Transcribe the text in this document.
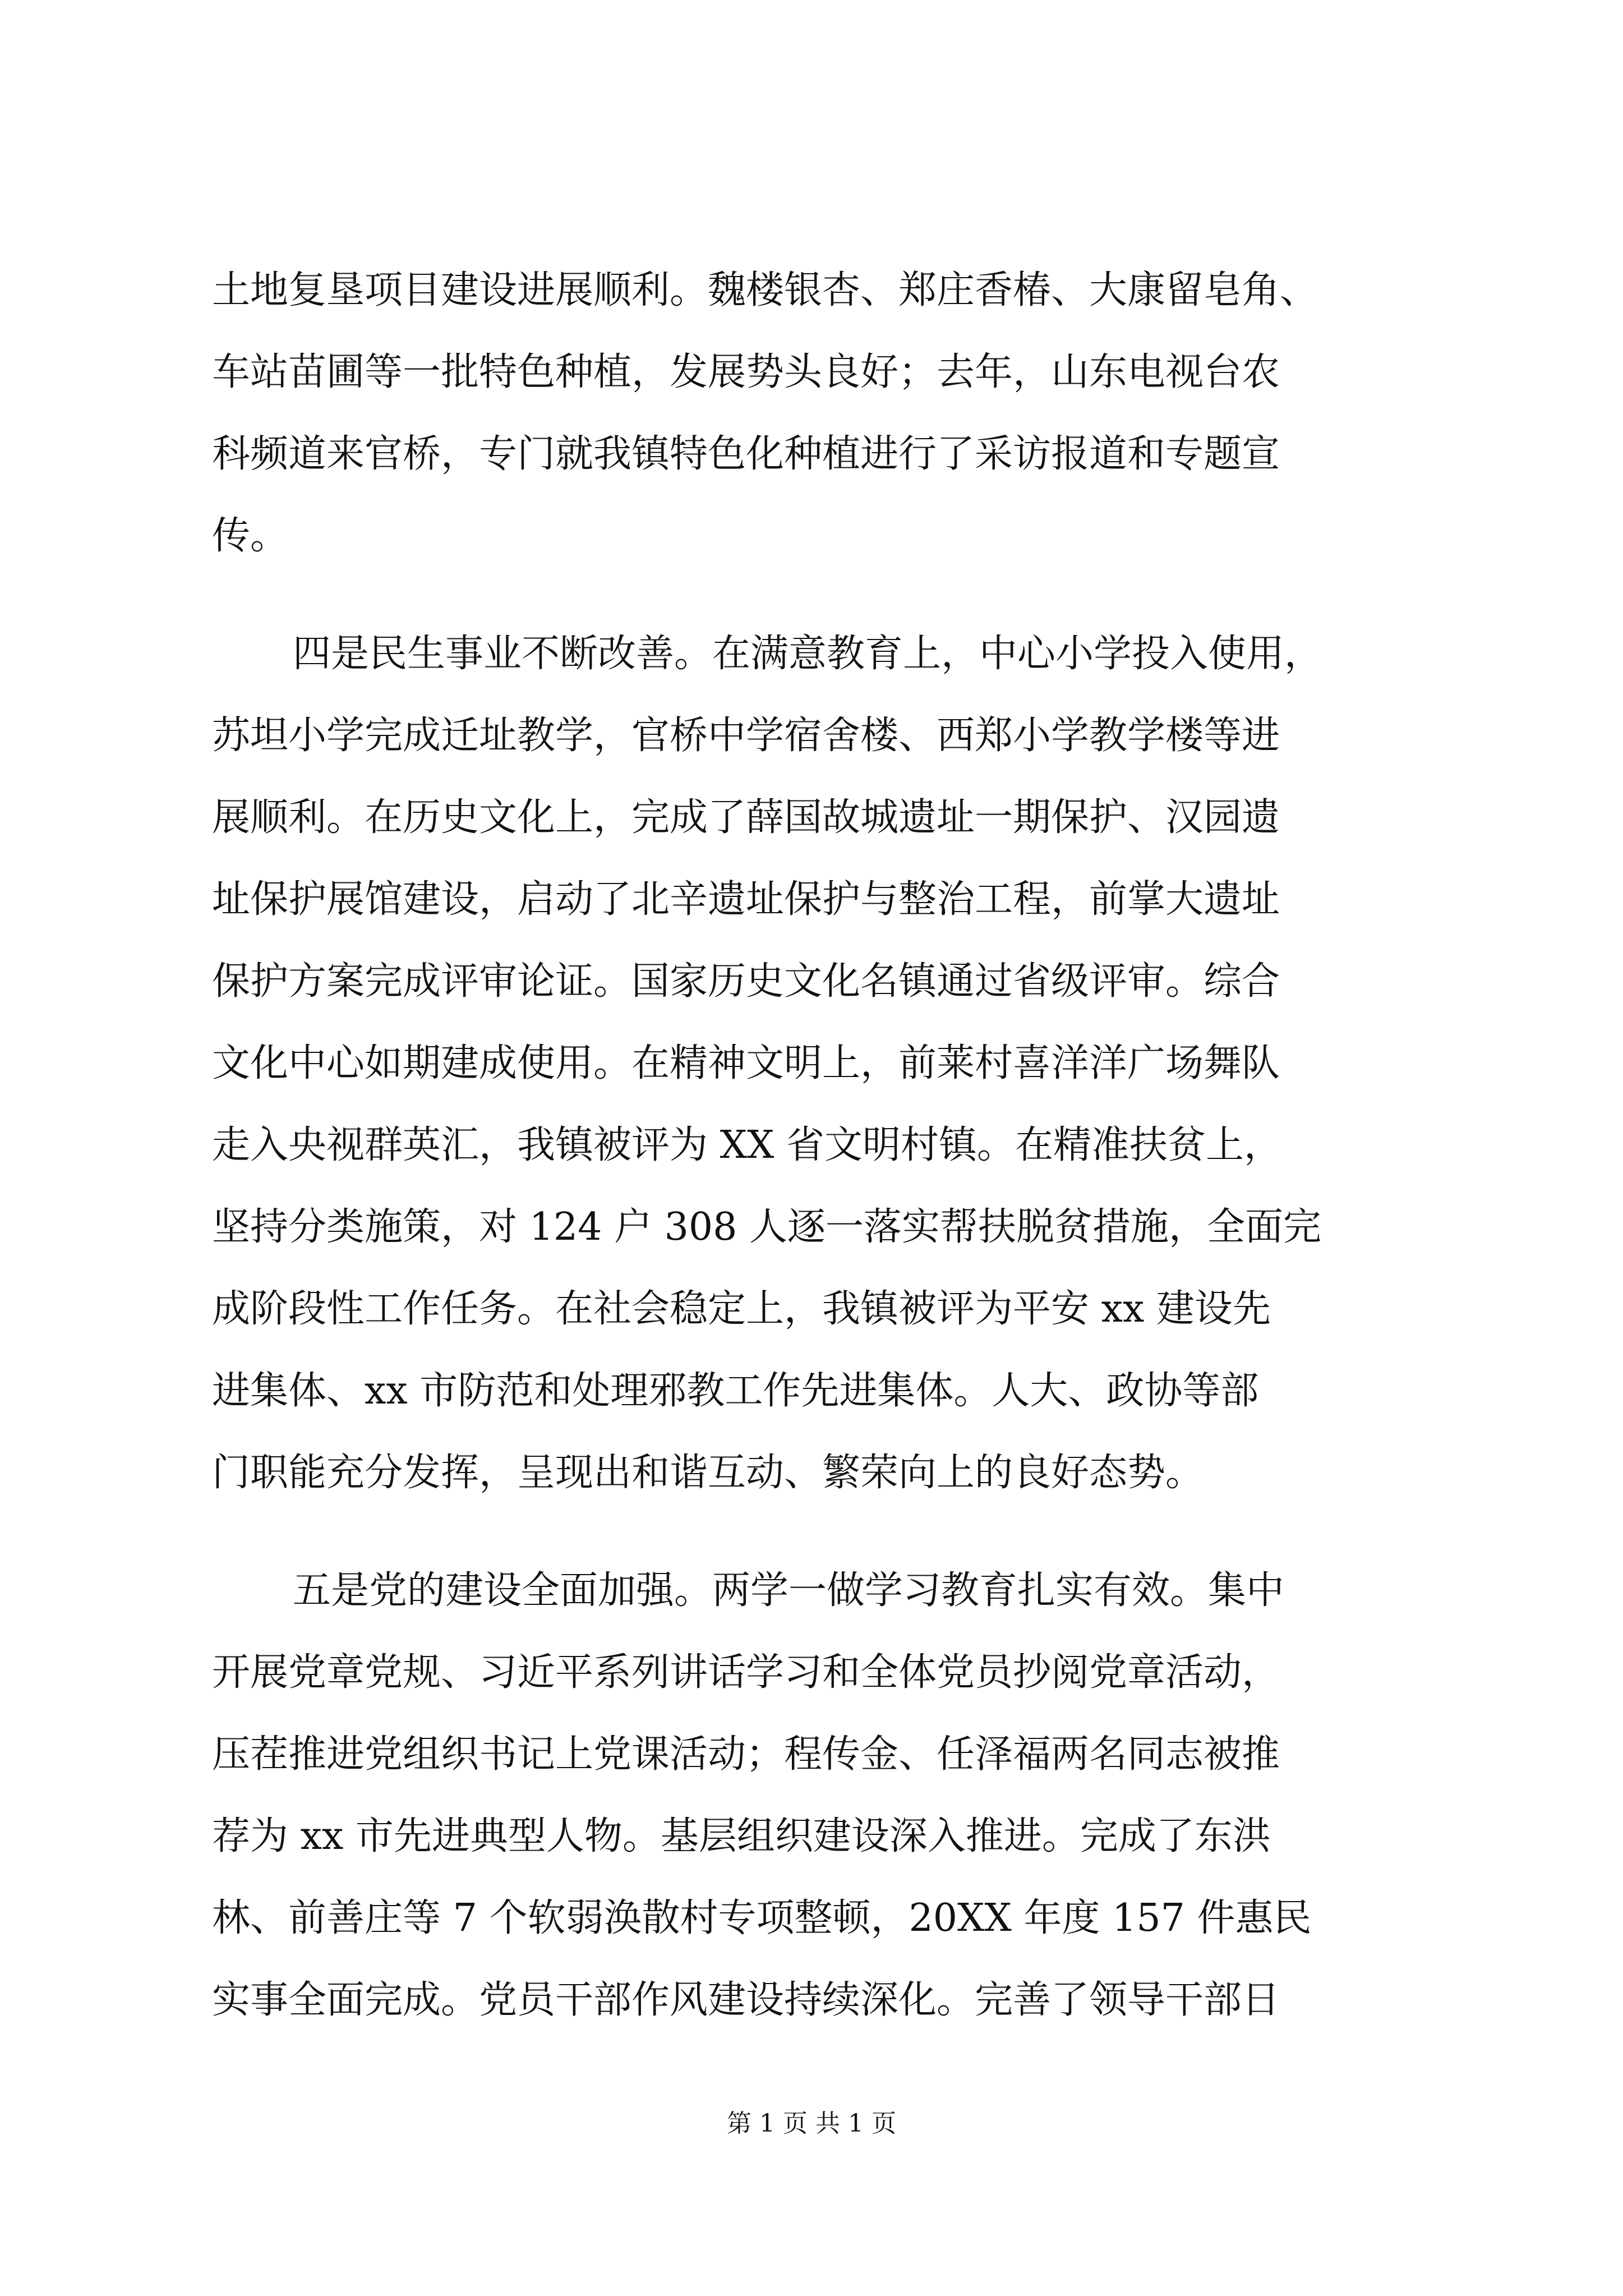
土地复垦项目建设进展顺利。魏楼银杏、郑庄香椿、大康留皂角、

车站苗圃等一批特色种植，发展势头良好；去年，山东电视台农

科频道来官桥，专门就我镇特色化种植进行了采访报道和专题宣

传。

四是民生事业不断改善。在满意教育上，中心小学投入使用，

苏坦小学完成迁址教学，官桥中学宿舍楼、西郑小学教学楼等进

展顺利。在历史文化上，完成了薛国故城遗址一期保护、汉园遗

址保护展馆建设，启动了北辛遗址保护与整治工程，前掌大遗址

保护方案完成评审论证。国家历史文化名镇通过省级评审。综合

文化中心如期建成使用。在精神文明上，前莱村喜洋洋广场舞队

走入央视群英汇，我镇被评为 XX 省文明村镇。在精准扶贫上，

坚持分类施策，对 124 户 308 人逐一落实帮扶脱贫措施，全面完

成阶段性工作任务。在社会稳定上，我镇被评为平安 xx 建设先

进集体、xx 市防范和处理邪教工作先进集体。人大、政协等部

门职能充分发挥，呈现出和谐互动、繁荣向上的良好态势。

五是党的建设全面加强。两学一做学习教育扎实有效。集中

开展党章党规、习近平系列讲话学习和全体党员抄阅党章活动，

压茬推进党组织书记上党课活动；程传金、任泽福两名同志被推

荐为 xx 市先进典型人物。基层组织建设深入推进。完成了东洪

林、前善庄等 7 个软弱涣散村专项整顿，20XX 年度 157 件惠民

实事全面完成。党员干部作风建设持续深化。完善了领导干部日

第 1 页 共 1 页
